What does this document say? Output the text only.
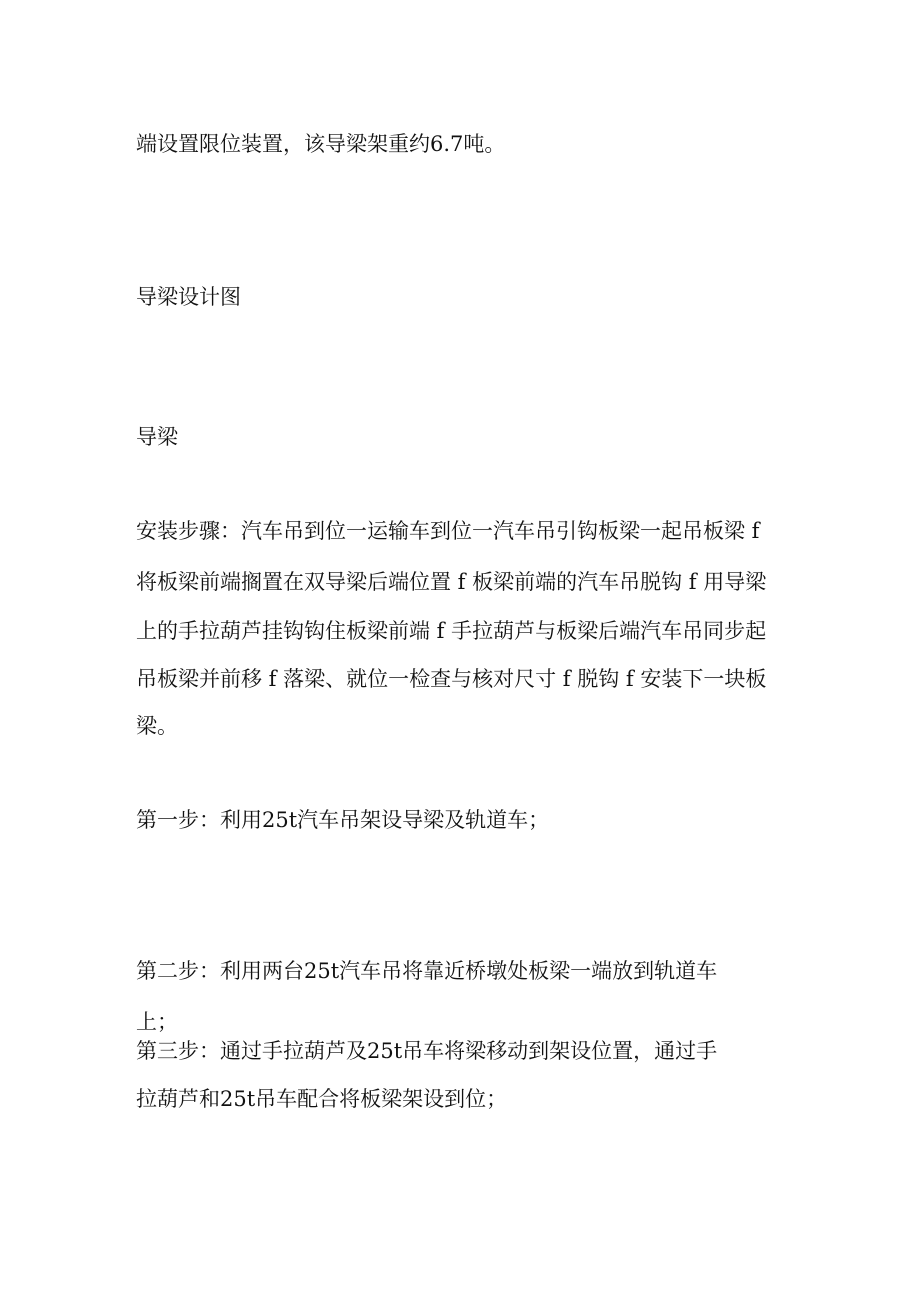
端设置限位装置，该导梁架重约6.7吨。

导梁设计图

导梁

安装步骤：汽车吊到位一运输车到位一汽车吊引钩板梁一起吊板梁 f
将板梁前端搁置在双导梁后端位置 f 板梁前端的汽车吊脱钩 f 用导梁
上的手拉葫芦挂钩钩住板梁前端 f 手拉葫芦与板梁后端汽车吊同步起
吊板梁并前移 f 落梁、就位一检查与核对尺寸 f 脱钩 f 安装下一块板
梁。

第一步：利用25t汽车吊架设导梁及轨道车；

第二步：利用两台25t汽车吊将靠近桥墩处板梁一端放到轨道车
上；
第三步：通过手拉葫芦及25t吊车将梁移动到架设位置，通过手
拉葫芦和25t吊车配合将板梁架设到位；
